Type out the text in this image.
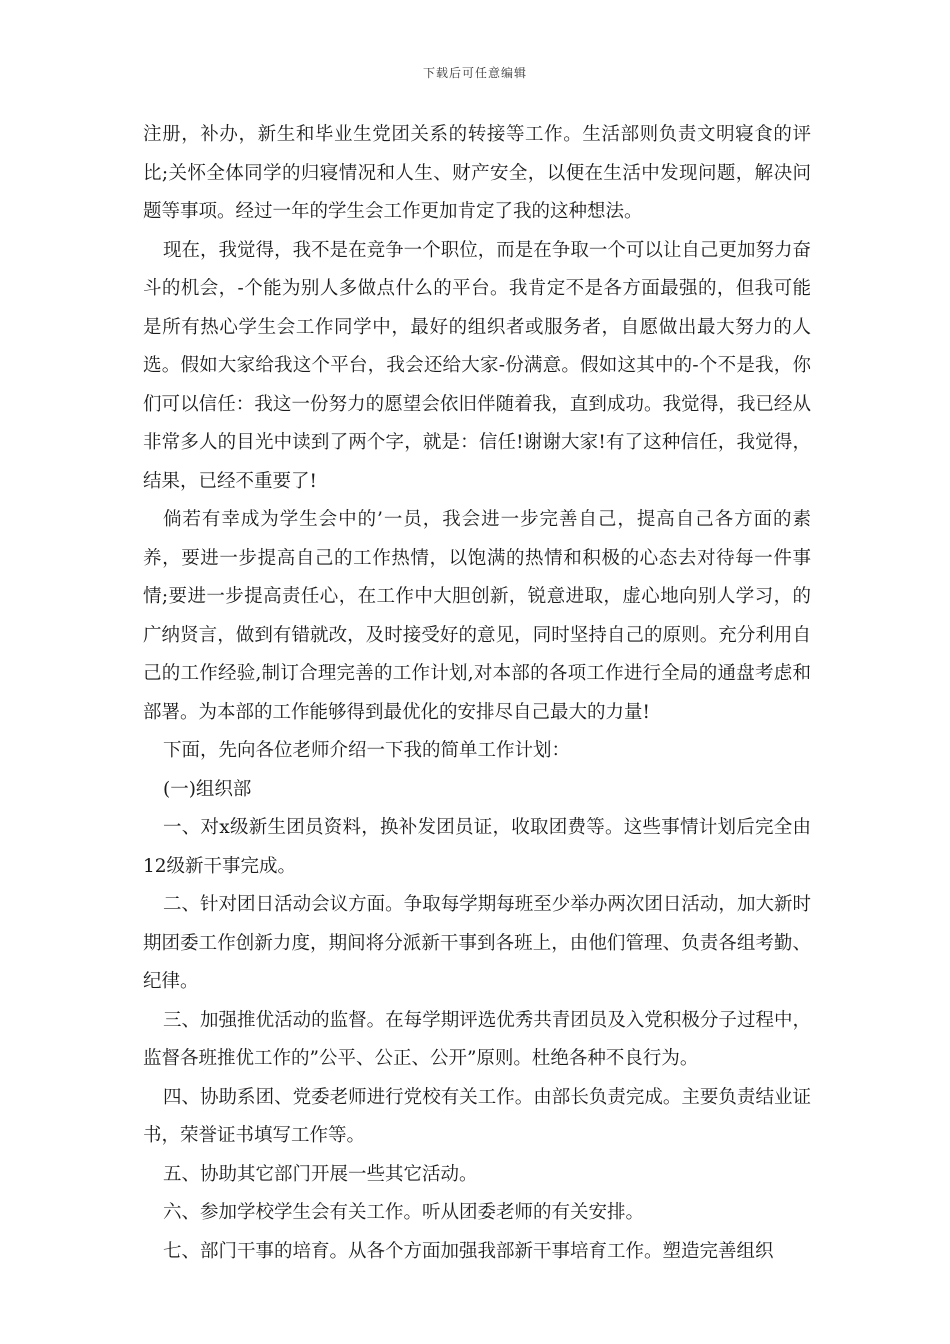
下载后可任意编辑

注册，补办，新生和毕业生党团关系的转接等工作。生活部则负责文明寝食的评比;关怀全体同学的归寝情况和人生、财产安全，以便在生活中发现问题，解决问题等事项。经过一年的学生会工作更加肯定了我的这种想法。

现在，我觉得，我不是在竞争一个职位，而是在争取一个可以让自己更加努力奋斗的机会，-个能为别人多做点什么的平台。我肯定不是各方面最强的，但我可能是所有热心学生会工作同学中，最好的组织者或服务者，自愿做出最大努力的人选。假如大家给我这个平台，我会还给大家-份满意。假如这其中的-个不是我，你们可以信任：我这一份努力的愿望会依旧伴随着我，直到成功。我觉得，我已经从非常多人的目光中读到了两个字，就是：信任!谢谢大家!有了这种信任，我觉得，结果，已经不重要了!

倘若有幸成为学生会中的’一员，我会进一步完善自己，提高自己各方面的素养，要进一步提高自己的工作热情，以饱满的热情和积极的心态去对待每一件事情;要进一步提高责任心，在工作中大胆创新，锐意进取，虚心地向别人学习，的广纳贤言，做到有错就改，及时接受好的意见，同时坚持自己的原则。充分利用自己的工作经验,制订合理完善的工作计划,对本部的各项工作进行全局的通盘考虑和部署。为本部的工作能够得到最优化的安排尽自己最大的力量!

下面，先向各位老师介绍一下我的简单工作计划：

(一)组织部

一、对x级新生团员资料，换补发团员证，收取团费等。这些事情计划后完全由12级新干事完成。

二、针对团日活动会议方面。争取每学期每班至少举办两次团日活动，加大新时期团委工作创新力度，期间将分派新干事到各班上，由他们管理、负责各组考勤、纪律。

三、加强推优活动的监督。在每学期评选优秀共青团员及入党积极分子过程中，监督各班推优工作的”公平、公正、公开”原则。杜绝各种不良行为。

四、协助系团、党委老师进行党校有关工作。由部长负责完成。主要负责结业证书，荣誉证书填写工作等。

五、协助其它部门开展一些其它活动。

六、参加学校学生会有关工作。听从团委老师的有关安排。

七、部门干事的培育。从各个方面加强我部新干事培育工作。塑造完善组织
